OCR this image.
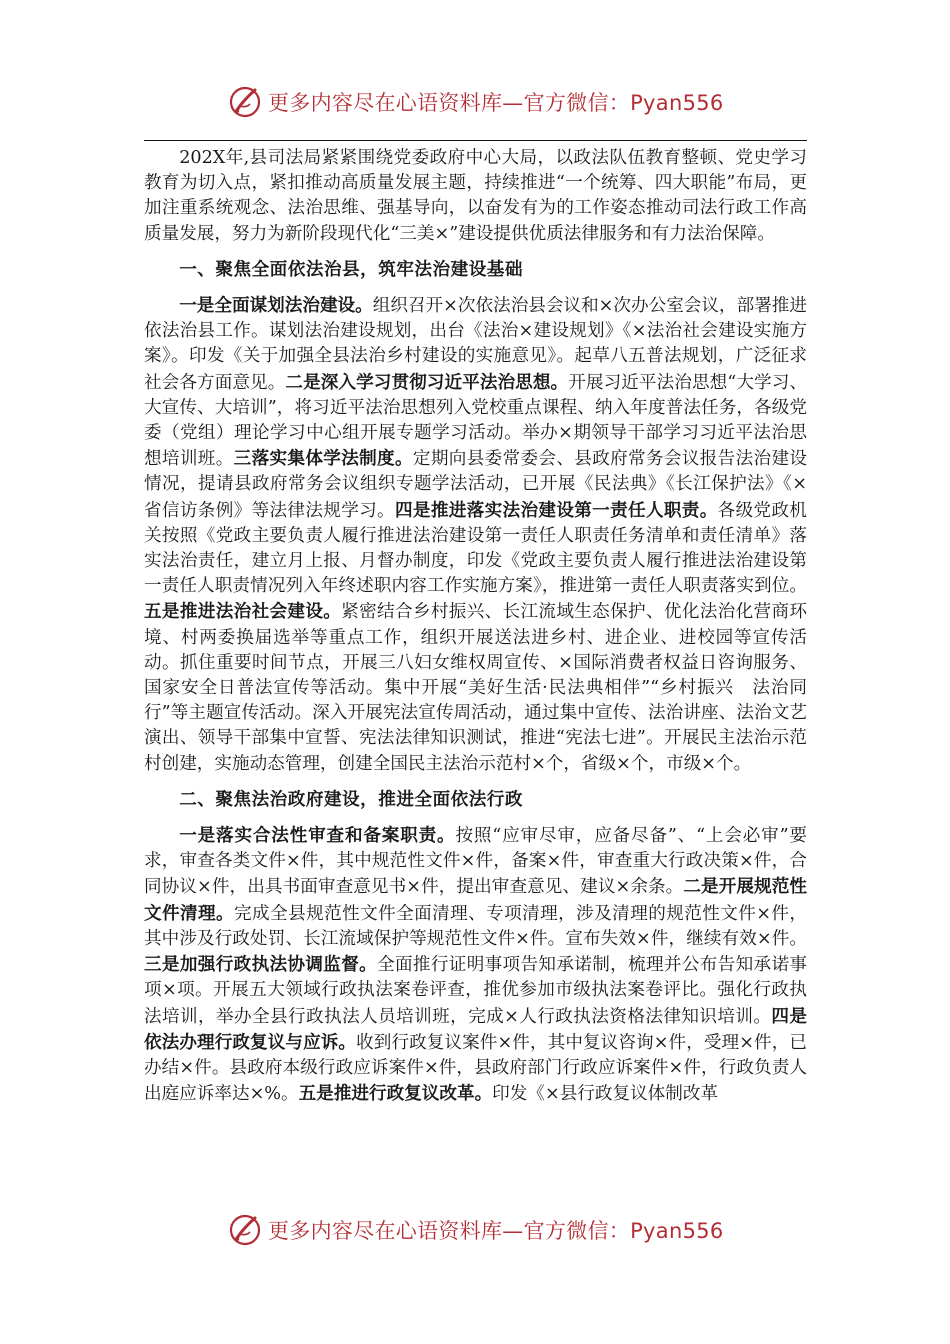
更多内容尽在心语资料库—官方微信：Pyan556

202X年,县司法局紧紧围绕党委政府中心大局，以政法队伍教育整顿、党史学习教育为切入点，紧扣推动高质量发展主题，持续推进“一个统筹、四大职能”布局，更加注重系统观念、法治思维、强基导向，以奋发有为的工作姿态推动司法行政工作高质量发展，努力为新阶段现代化“三美×”建设提供优质法律服务和有力法治保障。

一、聚焦全面依法治县，筑牢法治建设基础

一是全面谋划法治建设。组织召开×次依法治县会议和×次办公室会议，部署推进依法治县工作。谋划法治建设规划，出台《法治×建设规划》《×法治社会建设实施方案》。印发《关于加强全县法治乡村建设的实施意见》。起草八五普法规划，广泛征求社会各方面意见。二是深入学习贯彻习近平法治思想。开展习近平法治思想“大学习、大宣传、大培训”，将习近平法治思想列入党校重点课程、纳入年度普法任务，各级党委（党组）理论学习中心组开展专题学习活动。举办×期领导干部学习习近平法治思想培训班。三落实集体学法制度。定期向县委常委会、县政府常务会议报告法治建设情况，提请县政府常务会议组织专题学法活动，已开展《民法典》《长江保护法》《×省信访条例》等法律法规学习。四是推进落实法治建设第一责任人职责。各级党政机关按照《党政主要负责人履行推进法治建设第一责任人职责任务清单和责任清单》落实法治责任，建立月上报、月督办制度，印发《党政主要负责人履行推进法治建设第一责任人职责情况列入年终述职内容工作实施方案》，推进第一责任人职责落实到位。五是推进法治社会建设。紧密结合乡村振兴、长江流域生态保护、优化法治化营商环境、村两委换届选举等重点工作，组织开展送法进乡村、进企业、进校园等宣传活动。抓住重要时间节点，开展三八妇女维权周宣传、×国际消费者权益日咨询服务、国家安全日普法宣传等活动。集中开展“美好生活·民法典相伴”“乡村振兴　法治同行”等主题宣传活动。深入开展宪法宣传周活动，通过集中宣传、法治讲座、法治文艺演出、领导干部集中宣誓、宪法法律知识测试，推进“宪法七进”。开展民主法治示范村创建，实施动态管理，创建全国民主法治示范村×个，省级×个，市级×个。

二、聚焦法治政府建设，推进全面依法行政

一是落实合法性审查和备案职责。按照“应审尽审，应备尽备”、“上会必审”要求，审查各类文件×件，其中规范性文件×件，备案×件，审查重大行政决策×件，合同协议×件，出具书面审查意见书×件，提出审查意见、建议×余条。二是开展规范性文件清理。完成全县规范性文件全面清理、专项清理，涉及清理的规范性文件×件，其中涉及行政处罚、长江流域保护等规范性文件×件。宣布失效×件，继续有效×件。三是加强行政执法协调监督。全面推行证明事项告知承诺制，梳理并公布告知承诺事项×项。开展五大领域行政执法案卷评查，推优参加市级执法案卷评比。强化行政执法培训，举办全县行政执法人员培训班，完成×人行政执法资格法律知识培训。四是依法办理行政复议与应诉。收到行政复议案件×件，其中复议咨询×件，受理×件，已办结×件。县政府本级行政应诉案件×件，县政府部门行政应诉案件×件，行政负责人出庭应诉率达×%。五是推进行政复议改革。印发《×县行政复议体制改革

更多内容尽在心语资料库—官方微信：Pyan556
